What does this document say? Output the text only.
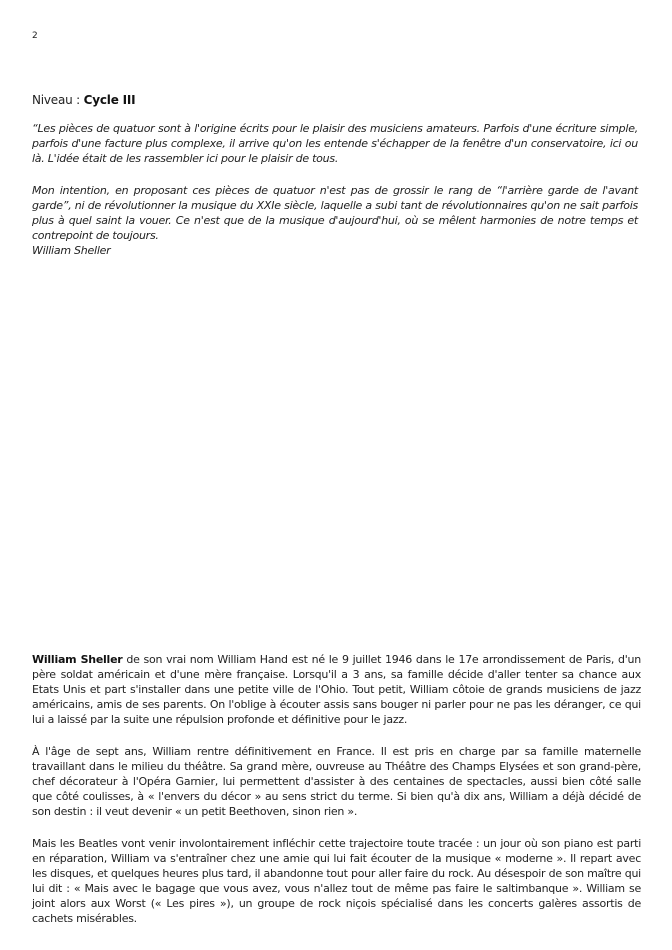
2
Niveau : Cycle III

“Les pièces de quatuor sont à l'origine écrits pour le plaisir des musiciens amateurs. Parfois d'une écriture simple, parfois d'une facture plus complexe, il arrive qu'on les entende s'échapper de la fenêtre d'un conservatoire, ici ou là. L'idée était de les rassembler ici pour le plaisir de tous.

Mon intention, en proposant ces pièces de quatuor n'est pas de grossir le rang de “l'arrière garde de l'avant garde”, ni de révolutionner la musique du XXIe siècle, laquelle a subi tant de révolutionnaires qu'on ne sait parfois plus à quel saint la vouer. Ce n'est que de la musique d'aujourd'hui, où se mêlent harmonies de notre temps et contrepoint de toujours.

William Sheller

William Sheller de son vrai nom William Hand est né le 9 juillet 1946 dans le 17e arrondissement de Paris, d'un père soldat américain et d'une mère française. Lorsqu'il a 3 ans, sa famille décide d'aller tenter sa chance aux Etats Unis et part s'installer dans une petite ville de l'Ohio. Tout petit, William côtoie de grands musiciens de jazz américains, amis de ses parents. On l'oblige à écouter assis sans bouger ni parler pour ne pas les déranger, ce qui lui a laissé par la suite une répulsion profonde et définitive pour le jazz.

À l'âge de sept ans, William rentre définitivement en France. Il est pris en charge par sa famille maternelle travaillant dans le milieu du théâtre. Sa grand mère, ouvreuse au Théâtre des Champs Elysées et son grand-père, chef décorateur à l'Opéra Garnier, lui permettent d'assister à des centaines de spectacles, aussi bien côté salle que côté coulisses, à « l'envers du décor » au sens strict du terme. Si bien qu'à dix ans, William a déjà décidé de son destin : il veut devenir « un petit Beethoven, sinon rien ».

Mais les Beatles vont venir involontairement infléchir cette trajectoire toute tracée : un jour où son piano est parti en réparation, William va s'entraîner chez une amie qui lui fait écouter de la musique « moderne ». Il repart avec les disques, et quelques heures plus tard, il abandonne tout pour aller faire du rock. Au désespoir de son maître qui lui dit : « Mais avec le bagage que vous avez, vous n'allez tout de même pas faire le saltimbanque ». William se joint alors aux Worst (« Les pires »), un groupe de rock niçois spécialisé dans les concerts galères assortis de cachets misérables.
